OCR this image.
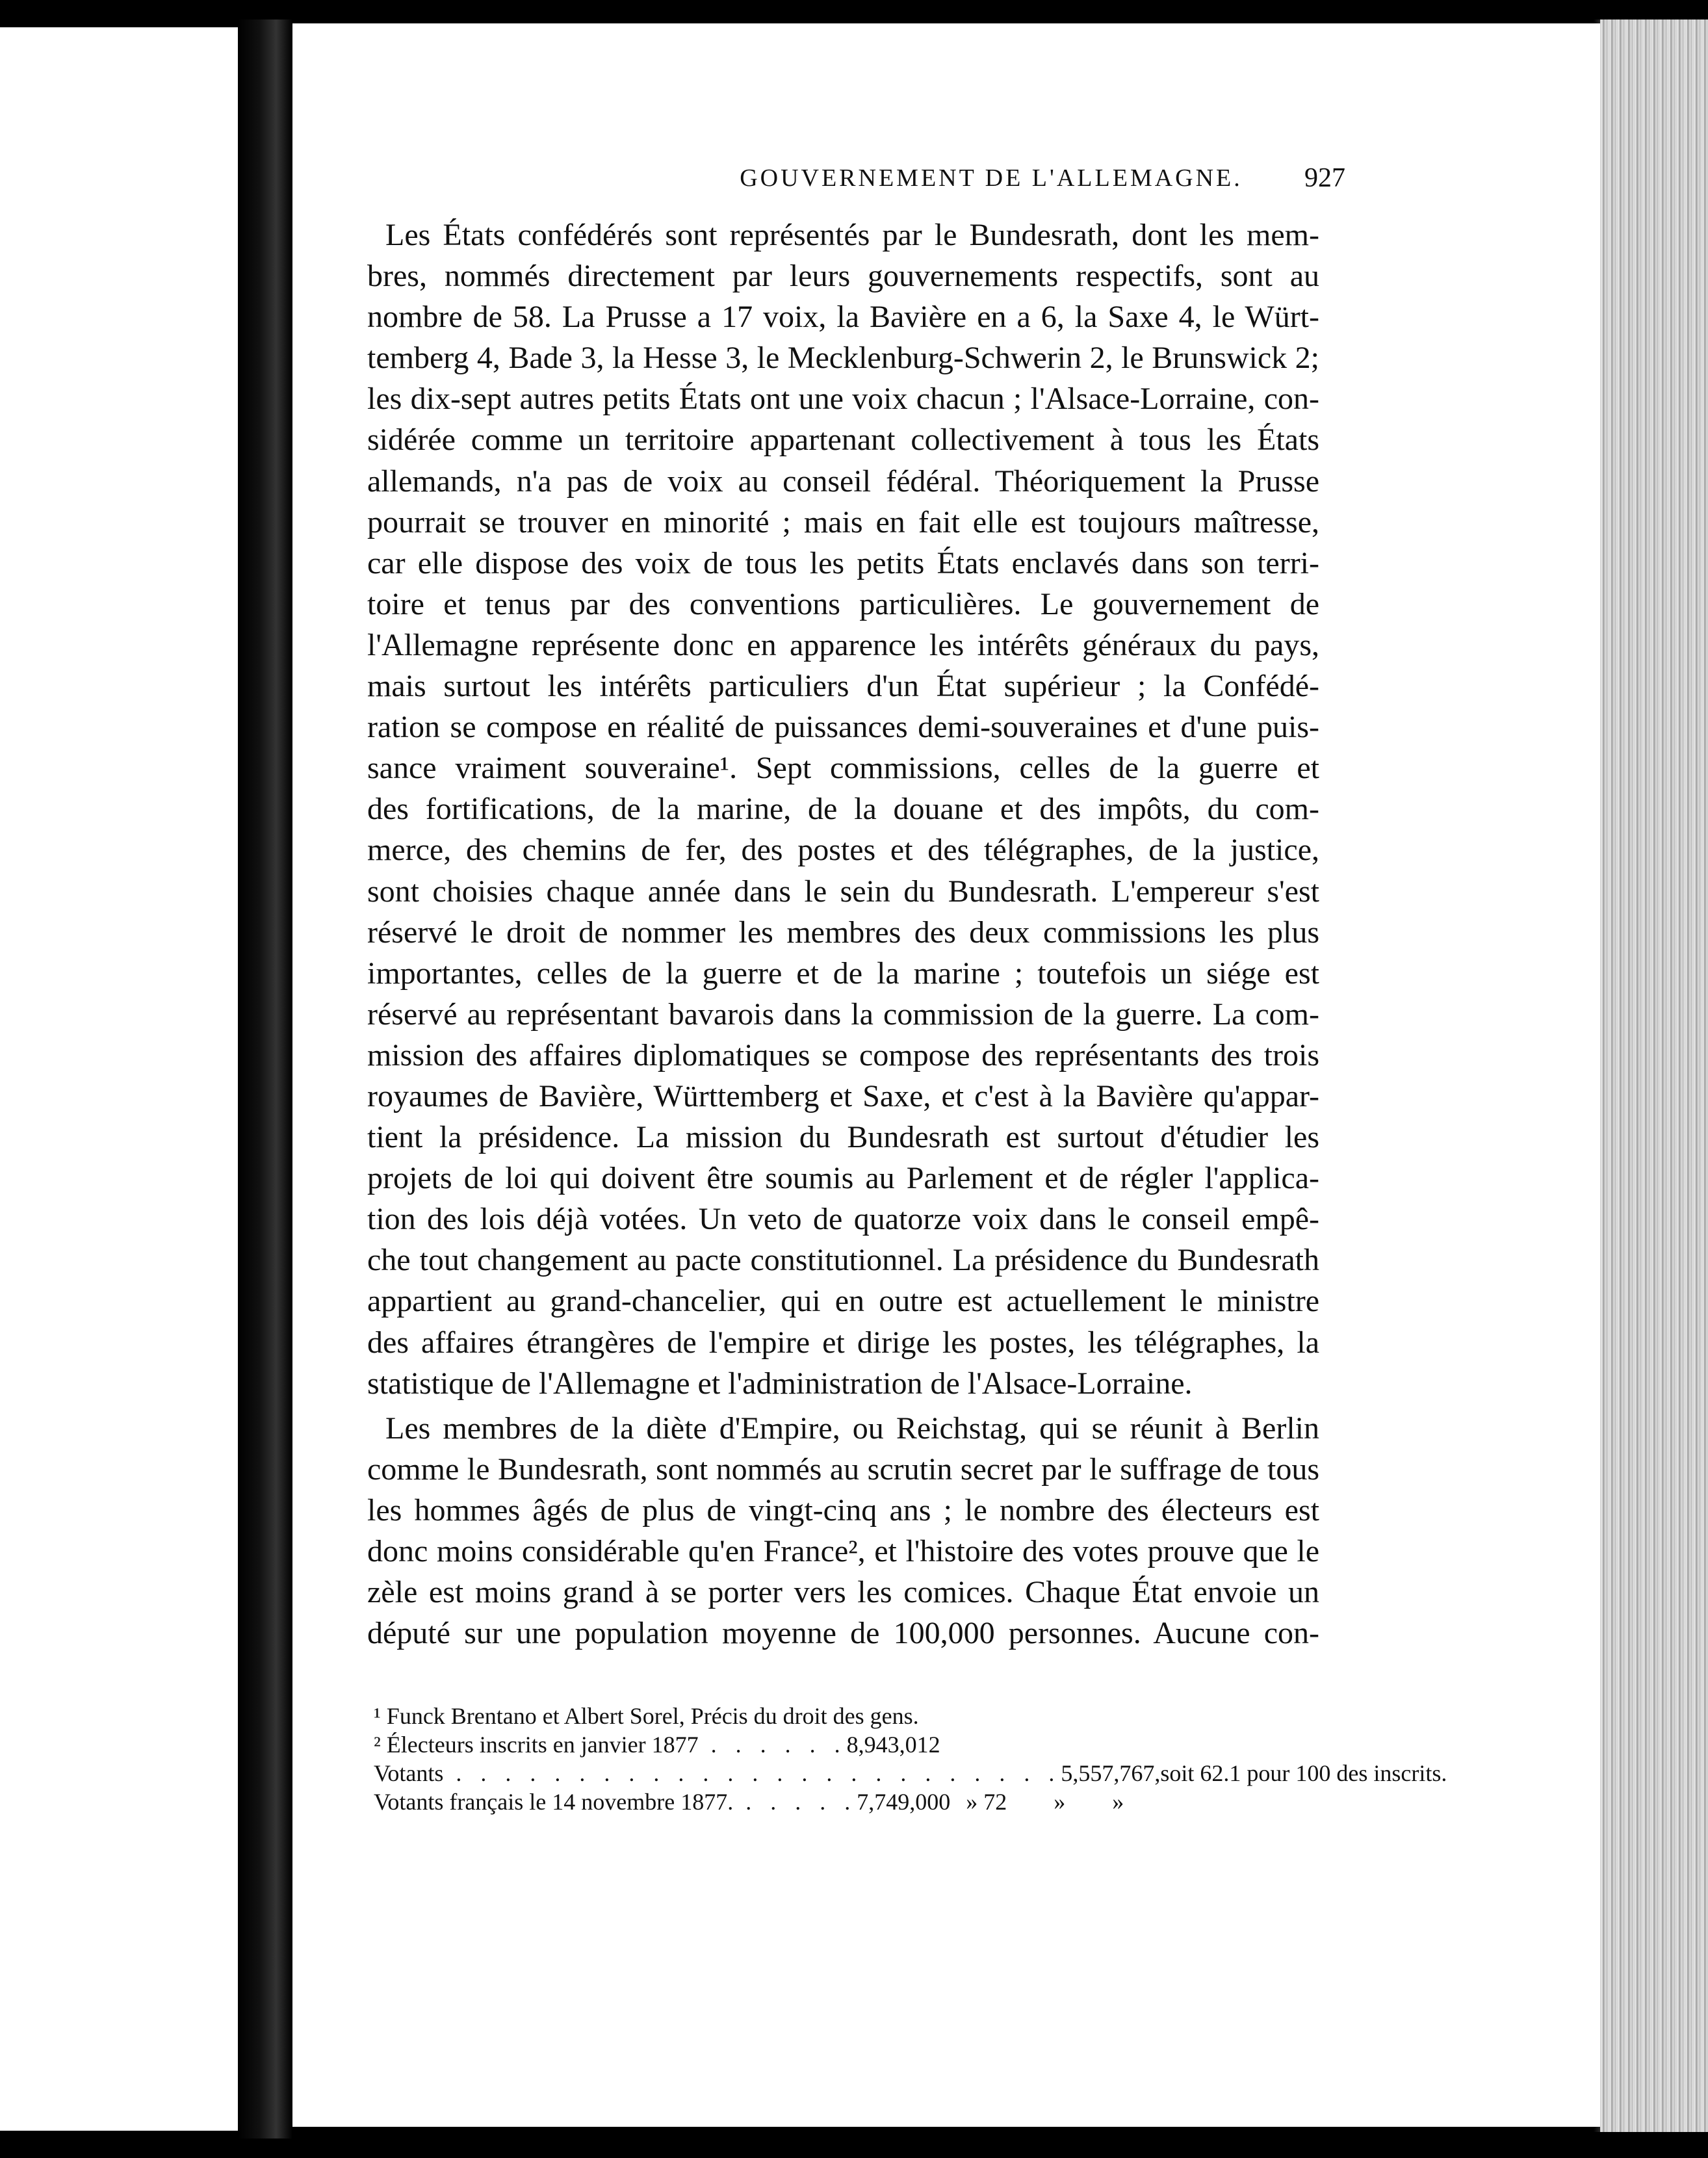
GOUVERNEMENT DE L'ALLEMAGNE.	927
Les États confédérés sont représentés par le Bundesrath, dont les mem-
bres, nommés directement par leurs gouvernements respectifs, sont au
nombre de 58. La Prusse a 17 voix, la Bavière en a 6, la Saxe 4, le Würt-
temberg 4, Bade 3, la Hesse 3, le Mecklenburg-Schwerin 2, le Brunswick 2;
les dix-sept autres petits États ont une voix chacun ; l'Alsace-Lorraine, con-
sidérée comme un territoire appartenant collectivement à tous les États
allemands, n'a pas de voix au conseil fédéral. Théoriquement la Prusse
pourrait se trouver en minorité ; mais en fait elle est toujours maîtresse,
car elle dispose des voix de tous les petits États enclavés dans son terri-
toire et tenus par des conventions particulières. Le gouvernement de
l'Allemagne représente donc en apparence les intérêts généraux du pays,
mais surtout les intérêts particuliers d'un État supérieur ; la Confédé-
ration se compose en réalité de puissances demi-souveraines et d'une puis-
sance vraiment souveraine¹. Sept commissions, celles de la guerre et
des fortifications, de la marine, de la douane et des impôts, du com-
merce, des chemins de fer, des postes et des télégraphes, de la justice,
sont choisies chaque année dans le sein du Bundesrath. L'empereur s'est
réservé le droit de nommer les membres des deux commissions les plus
importantes, celles de la guerre et de la marine ; toutefois un siége est
réservé au représentant bavarois dans la commission de la guerre. La com-
mission des affaires diplomatiques se compose des représentants des trois
royaumes de Bavière, Württemberg et Saxe, et c'est à la Bavière qu'appar-
tient la présidence. La mission du Bundesrath est surtout d'étudier les
projets de loi qui doivent être soumis au Parlement et de régler l'applica-
tion des lois déjà votées. Un veto de quatorze voix dans le conseil empê-
che tout changement au pacte constitutionnel. La présidence du Bundesrath
appartient au grand-chancelier, qui en outre est actuellement le ministre
des affaires étrangères de l'empire et dirige les postes, les télégraphes, la
statistique de l'Allemagne et l'administration de l'Alsace-Lorraine.
Les membres de la diète d'Empire, ou Reichstag, qui se réunit à Berlin
comme le Bundesrath, sont nommés au scrutin secret par le suffrage de tous
les hommes âgés de plus de vingt-cinq ans ; le nombre des électeurs est
donc moins considérable qu'en France², et l'histoire des votes prouve que le
zèle est moins grand à se porter vers les comices. Chaque État envoie un
député sur une population moyenne de 100,000 personnes. Aucune con-
¹ Funck Brentano et Albert Sorel, Précis du droit des gens.
² Électeurs inscrits en janvier 1877 . . . . . . 8,943,012
Votants . . . . . . . . . . . . . . . . . . . . . . . . . 5,557,767, soit 62.1 pour 100 des inscrits.
Votants français le 14 novembre 1877. . . . . . 7,749,000 » 72        »        »
